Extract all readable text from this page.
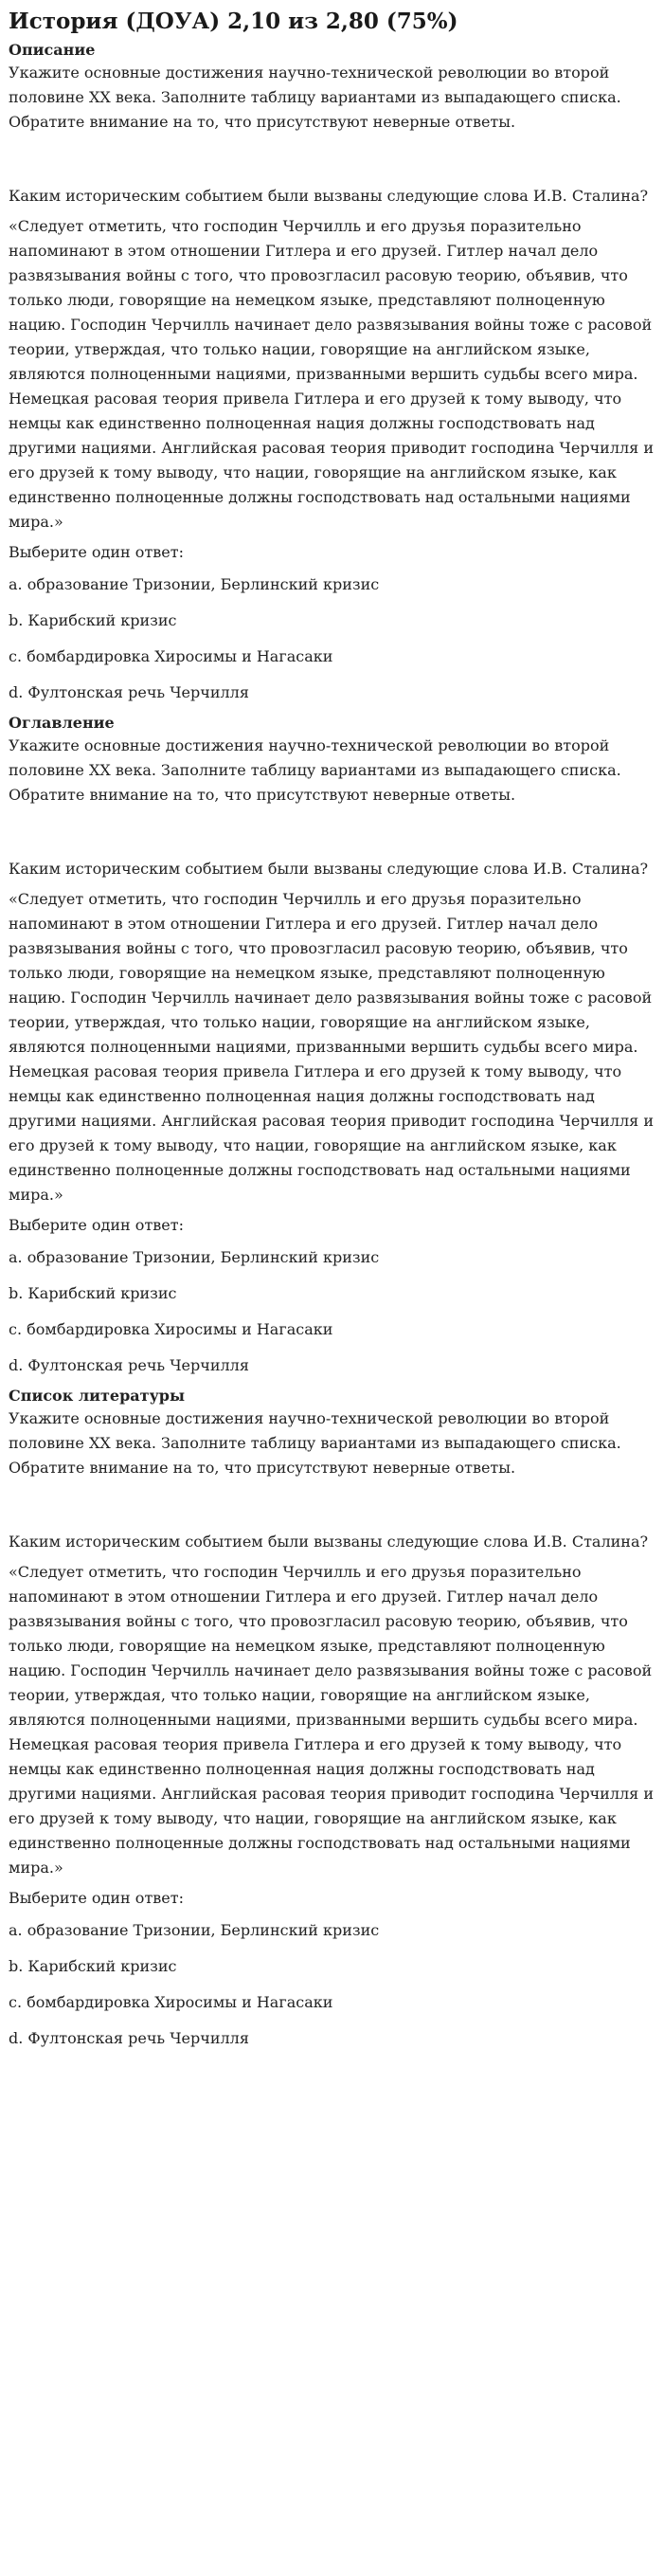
История (ДОУА) 2,10 из 2,80 (75%)
Описание

Укажите основные достижения научно-технической революции во второй половине XX века. Заполните таблицу вариантами из выпадающего списка. Обратите внимание на то, что присутствуют неверные ответы.

Каким историческим событием были вызваны следующие слова И.В. Сталина?

«Следует отметить, что господин Черчилль и его друзья поразительно напоминают в этом отношении Гитлера и его друзей. Гитлер начал дело развязывания войны с того, что провозгласил расовую теорию, объявив, что только люди, говорящие на немецком языке, представляют полноценную нацию. Господин Черчилль начинает дело развязывания войны тоже с расовой теории, утверждая, что только нации, говорящие на английском языке, являются полноценными нациями, призванными вершить судьбы всего мира. Немецкая расовая теория привела Гитлера и его друзей к тому выводу, что немцы как единственно полноценная нация должны господствовать над другими нациями. Английская расовая теория приводит господина Черчилля и его друзей к тому выводу, что нации, говорящие на английском языке, как единственно полноценные должны господствовать над остальными нациями мира.»

Выберите один ответ:

a. образование Тризонии, Берлинский кризис
b. Карибский кризис
c. бомбардировка Хиросимы и Нагасаки
d. Фултонская речь Черчилля
Оглавление

Укажите основные достижения научно-технической революции во второй половине XX века. Заполните таблицу вариантами из выпадающего списка. Обратите внимание на то, что присутствуют неверные ответы.

Каким историческим событием были вызваны следующие слова И.В. Сталина?

«Следует отметить, что господин Черчилль и его друзья поразительно напоминают в этом отношении Гитлера и его друзей. Гитлер начал дело развязывания войны с того, что провозгласил расовую теорию, объявив, что только люди, говорящие на немецком языке, представляют полноценную нацию. Господин Черчилль начинает дело развязывания войны тоже с расовой теории, утверждая, что только нации, говорящие на английском языке, являются полноценными нациями, призванными вершить судьбы всего мира. Немецкая расовая теория привела Гитлера и его друзей к тому выводу, что немцы как единственно полноценная нация должны господствовать над другими нациями. Английская расовая теория приводит господина Черчилля и его друзей к тому выводу, что нации, говорящие на английском языке, как единственно полноценные должны господствовать над остальными нациями мира.»

Выберите один ответ:

a. образование Тризонии, Берлинский кризис
b. Карибский кризис
c. бомбардировка Хиросимы и Нагасаки
d. Фултонская речь Черчилля
Список литературы

Укажите основные достижения научно-технической революции во второй половине XX века. Заполните таблицу вариантами из выпадающего списка. Обратите внимание на то, что присутствуют неверные ответы.

Каким историческим событием были вызваны следующие слова И.В. Сталина?

«Следует отметить, что господин Черчилль и его друзья поразительно напоминают в этом отношении Гитлера и его друзей. Гитлер начал дело развязывания войны с того, что провозгласил расовую теорию, объявив, что только люди, говорящие на немецком языке, представляют полноценную нацию. Господин Черчилль начинает дело развязывания войны тоже с расовой теории, утверждая, что только нации, говорящие на английском языке, являются полноценными нациями, призванными вершить судьбы всего мира. Немецкая расовая теория привела Гитлера и его друзей к тому выводу, что немцы как единственно полноценная нация должны господствовать над другими нациями. Английская расовая теория приводит господина Черчилля и его друзей к тому выводу, что нации, говорящие на английском языке, как единственно полноценные должны господствовать над остальными нациями мира.»

Выберите один ответ:

a. образование Тризонии, Берлинский кризис
b. Карибский кризис
c. бомбардировка Хиросимы и Нагасаки
d. Фултонская речь Черчилля
